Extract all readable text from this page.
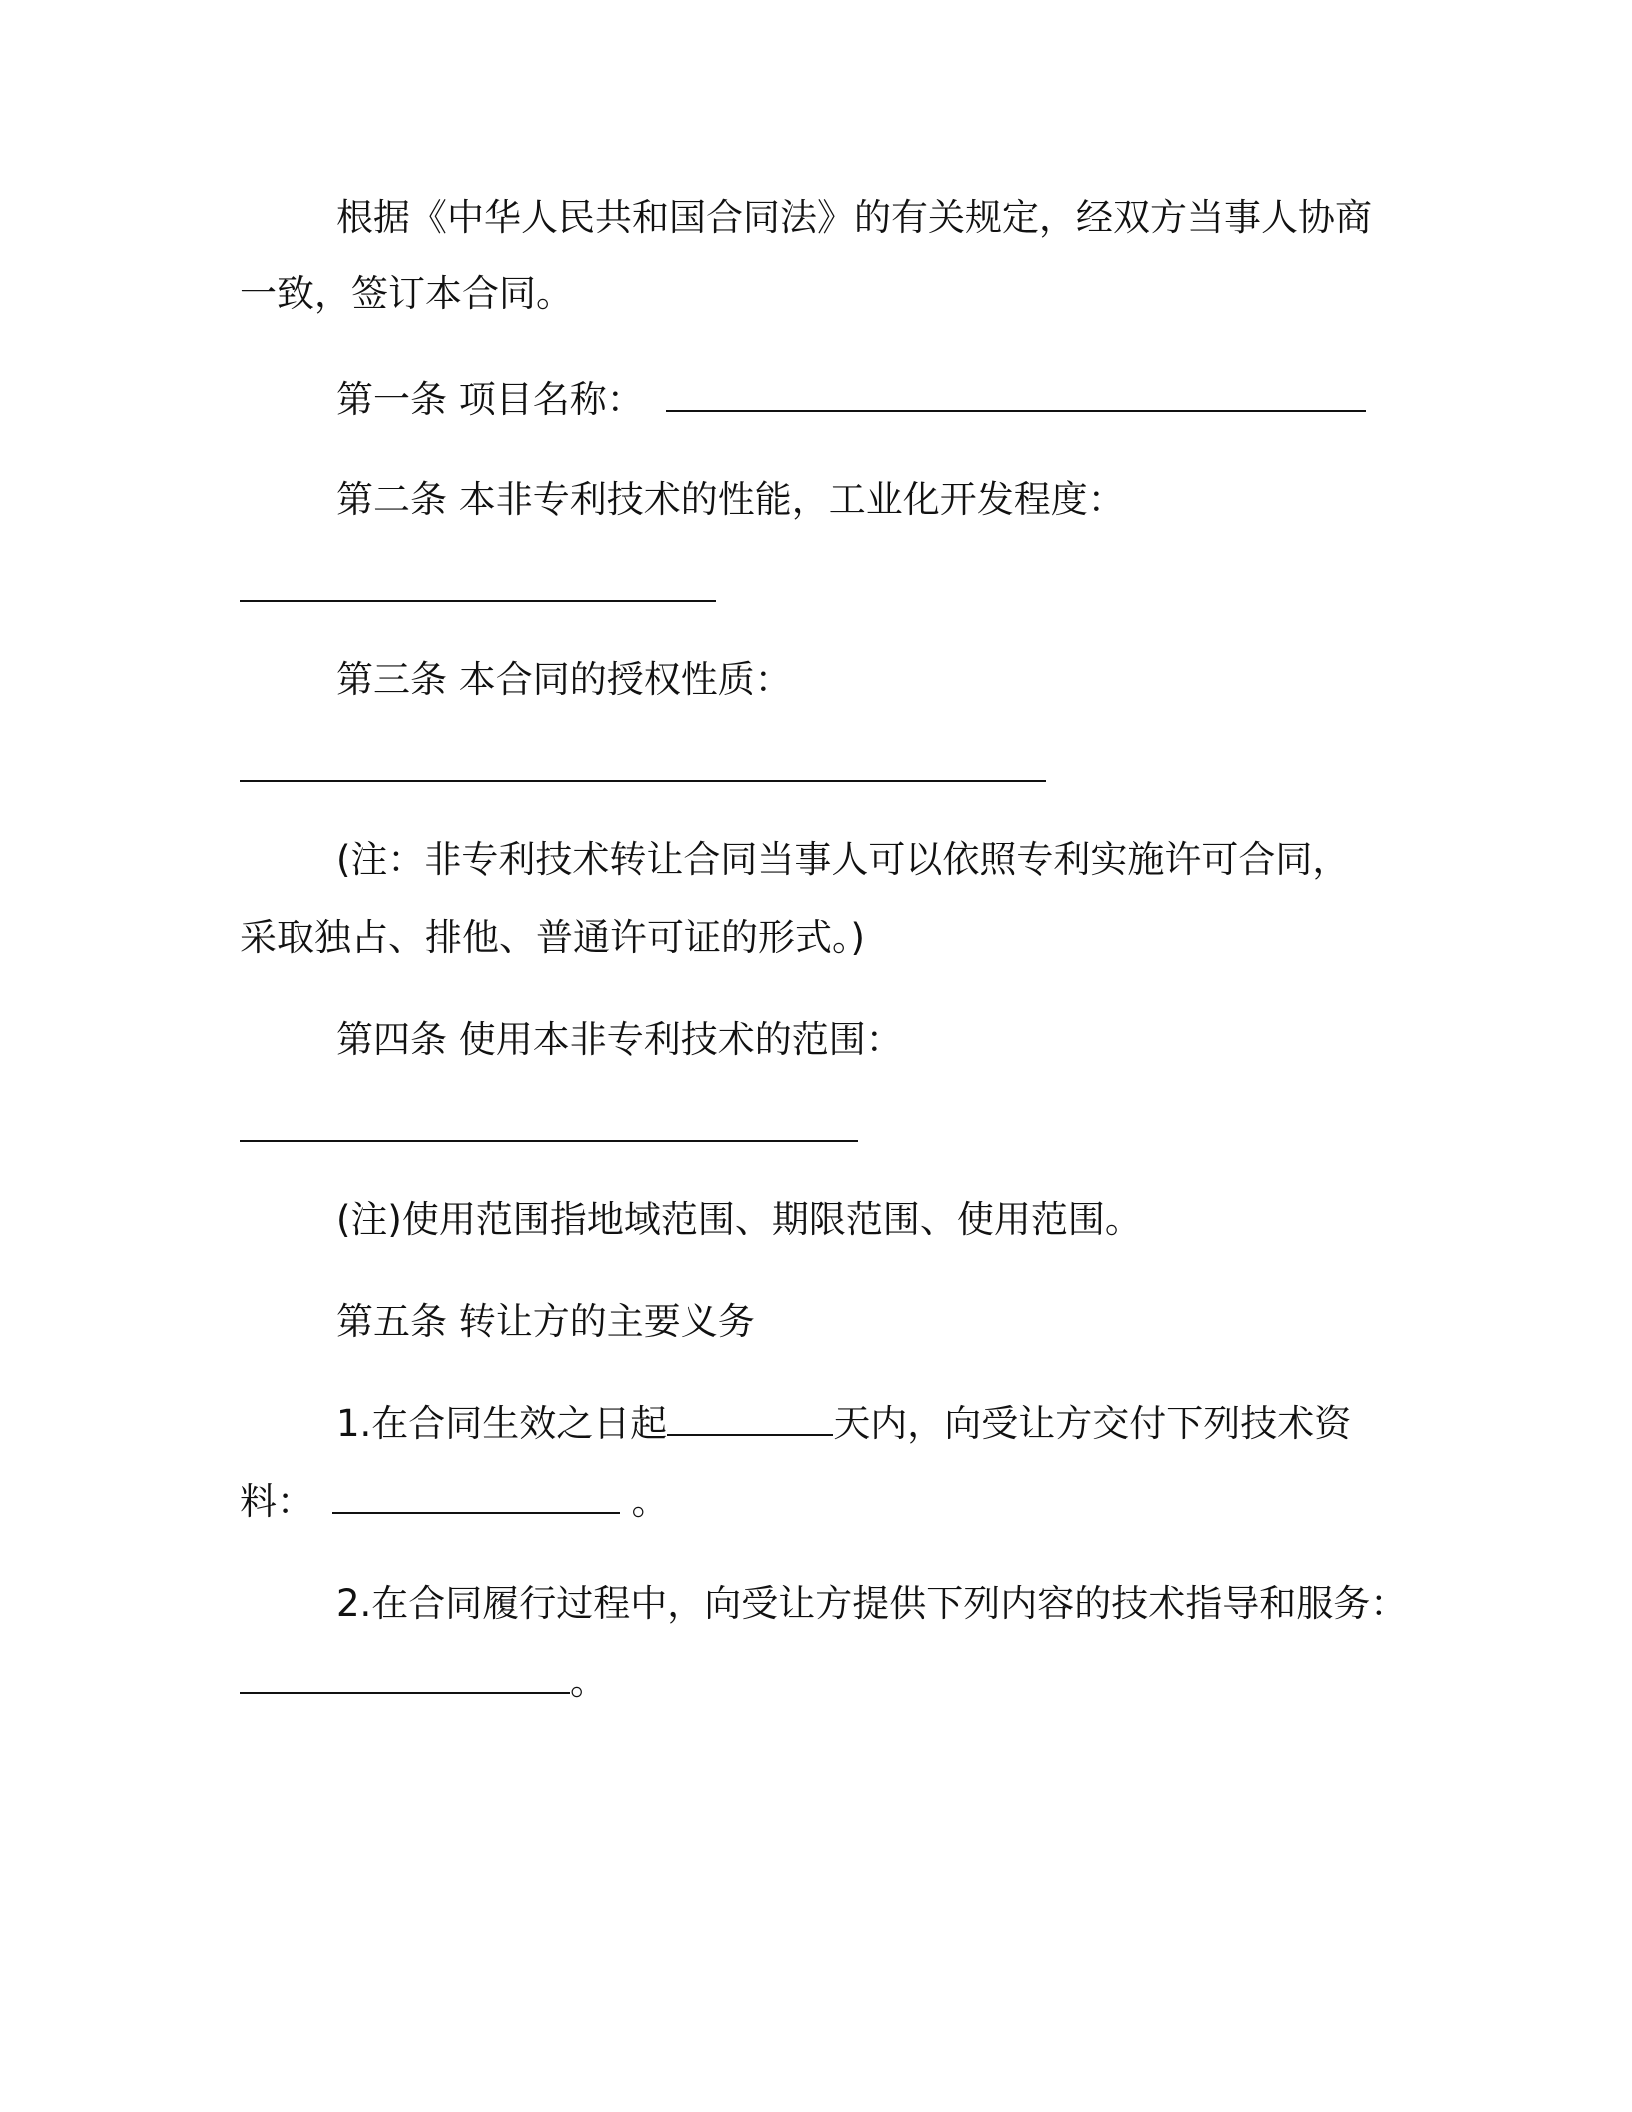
根据《中华人民共和国合同法》的有关规定，经双方当事人协商
一致，签订本合同。
第一条 项目名称：
第二条 本非专利技术的性能，工业化开发程度：
第三条 本合同的授权性质：
(注：非专利技术转让合同当事人可以依照专利实施许可合同，
采取独占、排他、普通许可证的形式。)
第四条 使用本非专利技术的范围：
(注)使用范围指地域范围、期限范围、使用范围。
第五条 转让方的主要义务
1.在合同生效之日起	天内，向受让方交付下列技术资
料：	。
2.在合同履行过程中，向受让方提供下列内容的技术指导和服务：
。
